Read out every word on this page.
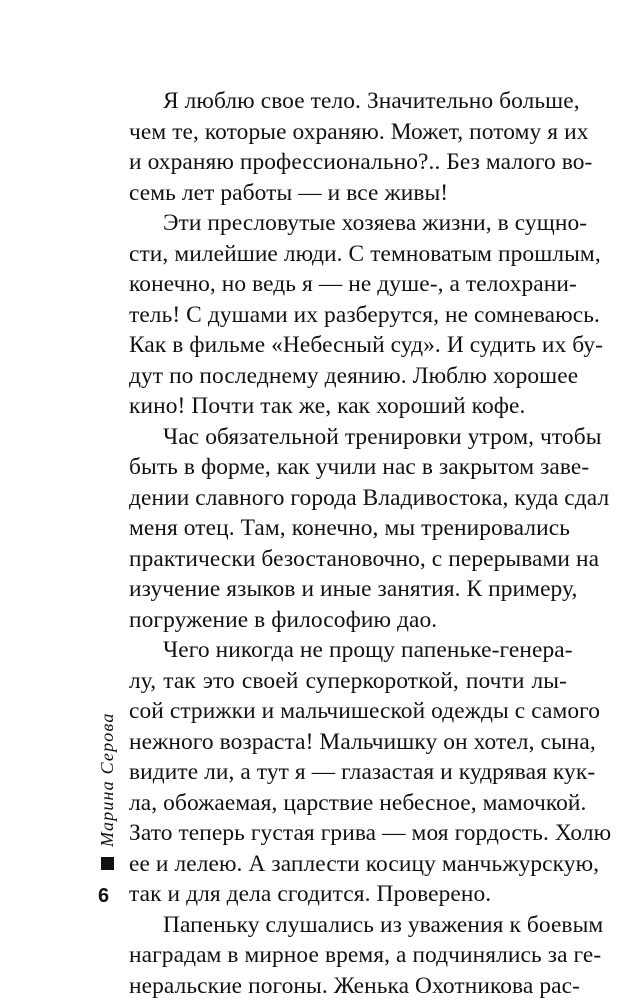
Я люблю свое тело. Значительно больше,
чем те, которые охраняю. Может, потому я их
и охраняю профессионально?.. Без малого во-
семь лет работы — и все живы!
Эти пресловутые хозяева жизни, в сущно-
сти, милейшие люди. С темноватым прошлым,
конечно, но ведь я — не душе-, а телохрани-
тель! С душами их разберутся, не сомневаюсь.
Как в фильме «Небесный суд». И судить их бу-
дут по последнему деянию. Люблю хорошее
кино! Почти так же, как хороший кофе.
Час обязательной тренировки утром, чтобы
быть в форме, как учили нас в закрытом заве-
дении славного города Владивостока, куда сдал
меня отец. Там, конечно, мы тренировались
практически безостановочно, с перерывами на
изучение языков и иные занятия. К примеру,
погружение в философию дао.
Чего никогда не прощу папеньке-генера-
лу, так это своей суперкороткой, почти лы-
сой стрижки и мальчишеской одежды с самого
нежного возраста! Мальчишку он хотел, сына,
видите ли, а тут я — глазастая и кудрявая кук-
ла, обожаемая, царствие небесное, мамочкой.
Зато теперь густая грива — моя гордость. Холю
ее и лелею. А заплести косицу манчьжурскую,
так и для дела сгодится. Проверено.
Папеньку слушались из уважения к боевым
наградам в мирное время, а подчинялись за ге-
неральские погоны. Женька Охотникова рас-
Марина Серова
6
